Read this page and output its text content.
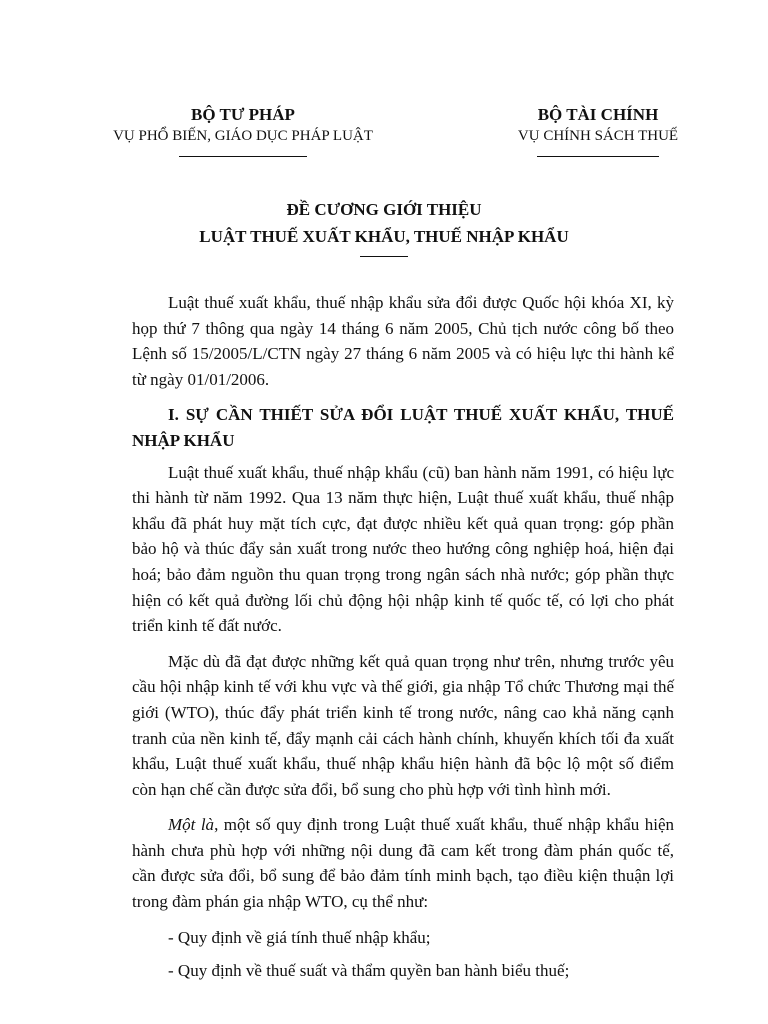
BỘ TƯ PHÁP
VỤ PHỔ BIẾN, GIÁO DỤC PHÁP LUẬT
BỘ TÀI CHÍNH
VỤ CHÍNH SÁCH THUẾ
ĐỀ CƯƠNG GIỚI THIỆU
LUẬT THUẾ XUẤT KHẨU, THUẾ NHẬP KHẨU

Luật thuế xuất khẩu, thuế nhập khẩu sửa đổi được Quốc hội khóa XI, kỳ họp thứ 7 thông qua ngày 14 tháng 6 năm 2005, Chủ tịch nước công bố theo Lệnh số 15/2005/L/CTN ngày 27 tháng 6 năm 2005 và có hiệu lực thi hành kể từ ngày 01/01/2006.

I. SỰ CẦN THIẾT SỬA ĐỔI LUẬT THUẾ XUẤT KHẨU, THUẾ NHẬP KHẨU

Luật thuế xuất khẩu, thuế nhập khẩu (cũ) ban hành năm 1991, có hiệu lực thi hành từ năm 1992. Qua 13 năm thực hiện, Luật thuế xuất khẩu, thuế nhập khẩu đã phát huy mặt tích cực, đạt được nhiều kết quả quan trọng: góp phần bảo hộ và thúc đẩy sản xuất trong nước theo hướng công nghiệp hoá, hiện đại hoá; bảo đảm nguồn thu quan trọng trong ngân sách nhà nước; góp phần thực hiện có kết quả đường lối chủ động hội nhập kinh tế quốc tế, có lợi cho phát triển kinh tế đất nước.

Mặc dù đã đạt được những kết quả quan trọng như trên, nhưng trước yêu cầu hội nhập kinh tế với khu vực và thế giới, gia nhập Tổ chức Thương mại thế giới (WTO), thúc đẩy phát triển kinh tế trong nước, nâng cao khả năng cạnh tranh của nền kinh tế, đẩy mạnh cải cách hành chính, khuyến khích tối đa xuất khẩu, Luật thuế xuất khẩu, thuế nhập khẩu hiện hành đã bộc lộ một số điểm còn hạn chế cần được sửa đổi, bổ sung cho phù hợp với tình hình mới.

Một là, một số quy định trong Luật thuế xuất khẩu, thuế nhập khẩu hiện hành chưa phù hợp với những nội dung đã cam kết trong đàm phán quốc tế, cần được sửa đổi, bổ sung để bảo đảm tính minh bạch, tạo điều kiện thuận lợi trong đàm phán gia nhập WTO, cụ thể như:

- Quy định về giá tính thuế nhập khẩu;

- Quy định về thuế suất và thẩm quyền ban hành biểu thuế;
